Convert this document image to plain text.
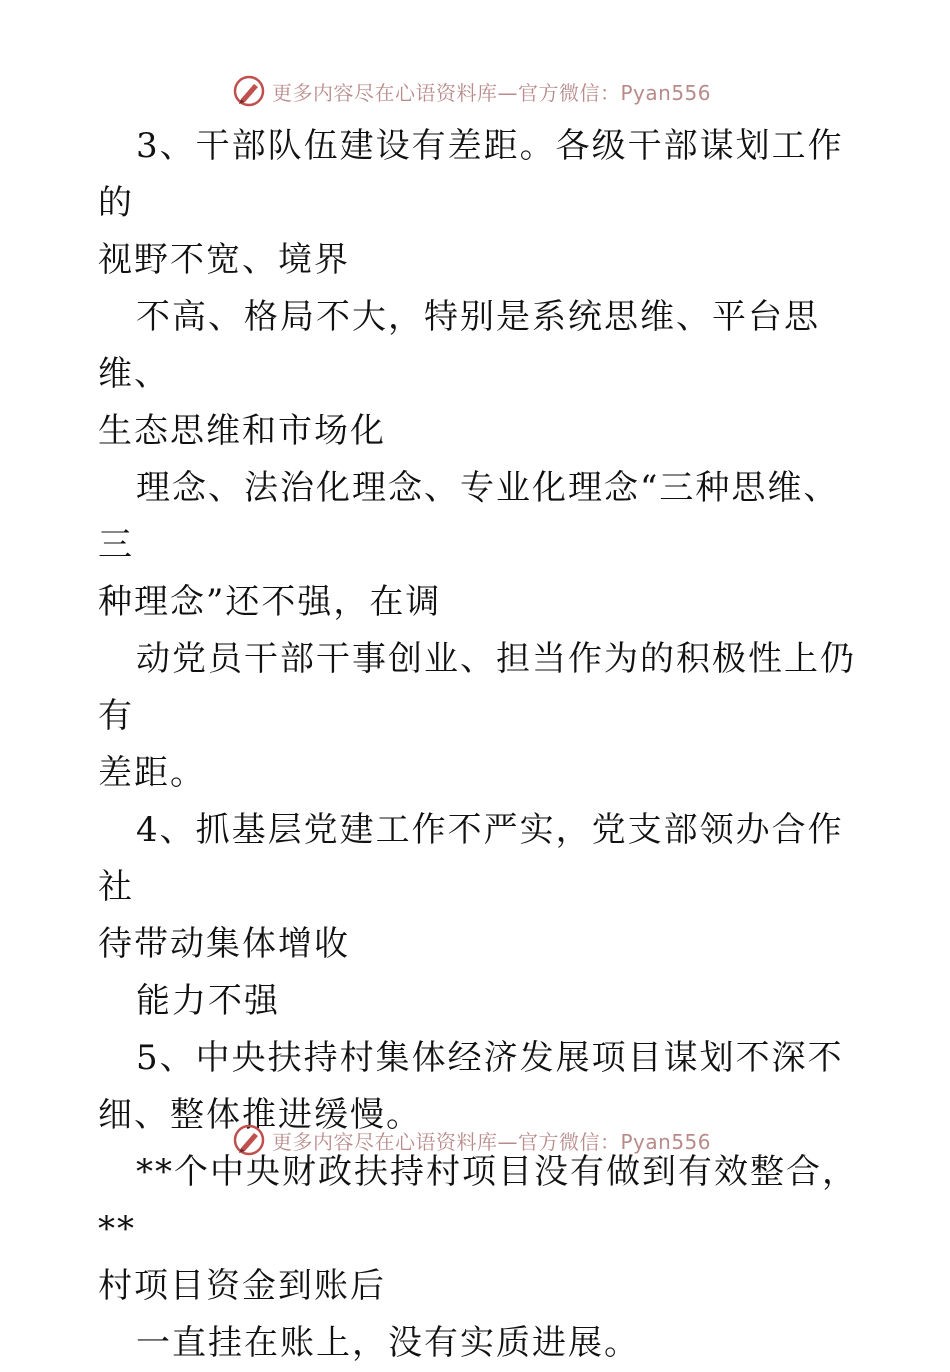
更多内容尽在心语资料库—官方微信：Pyan556
3、干部队伍建设有差距。各级干部谋划工作的
视野不宽、境界
不高、格局不大，特别是系统思维、平台思维、
生态思维和市场化
理念、法治化理念、专业化理念“三种思维、三
种理念”还不强，在调
动党员干部干事创业、担当作为的积极性上仍有
差距。
4、抓基层党建工作不严实，党支部领办合作社
待带动集体增收
能力不强
5、中央扶持村集体经济发展项目谋划不深不
细、整体推进缓慢。
**个中央财政扶持村项目没有做到有效整合，**
村项目资金到账后
一直挂在账上，没有实质进展。
更多内容尽在心语资料库—官方微信：Pyan556
